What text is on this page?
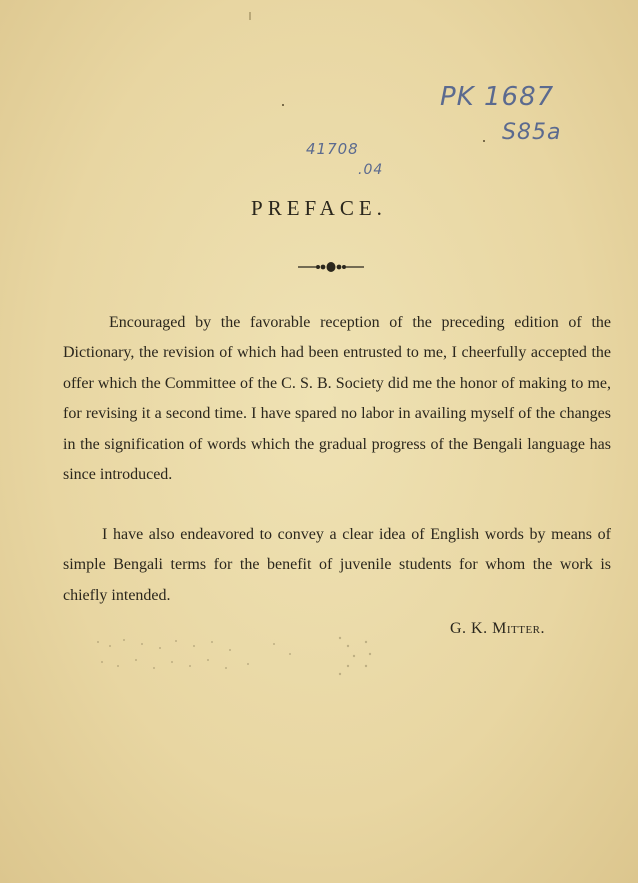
PK 1687
S85a
41708
.04
PREFACE.
Encouraged by the favorable reception of the preceding edition of the Dictionary, the revision of which had been entrusted to me, I cheerfully accepted the offer which the Committee of the C. S. B. Society did me the honor of making to me, for revising it a second time. I have spared no labor in availing myself of the changes in the signification of words which the gradual progress of the Bengali language has since introduced.
I have also endeavored to convey a clear idea of English words by means of simple Bengali terms for the benefit of juvenile students for whom the work is chiefly intended.
G. K. Mitter.
